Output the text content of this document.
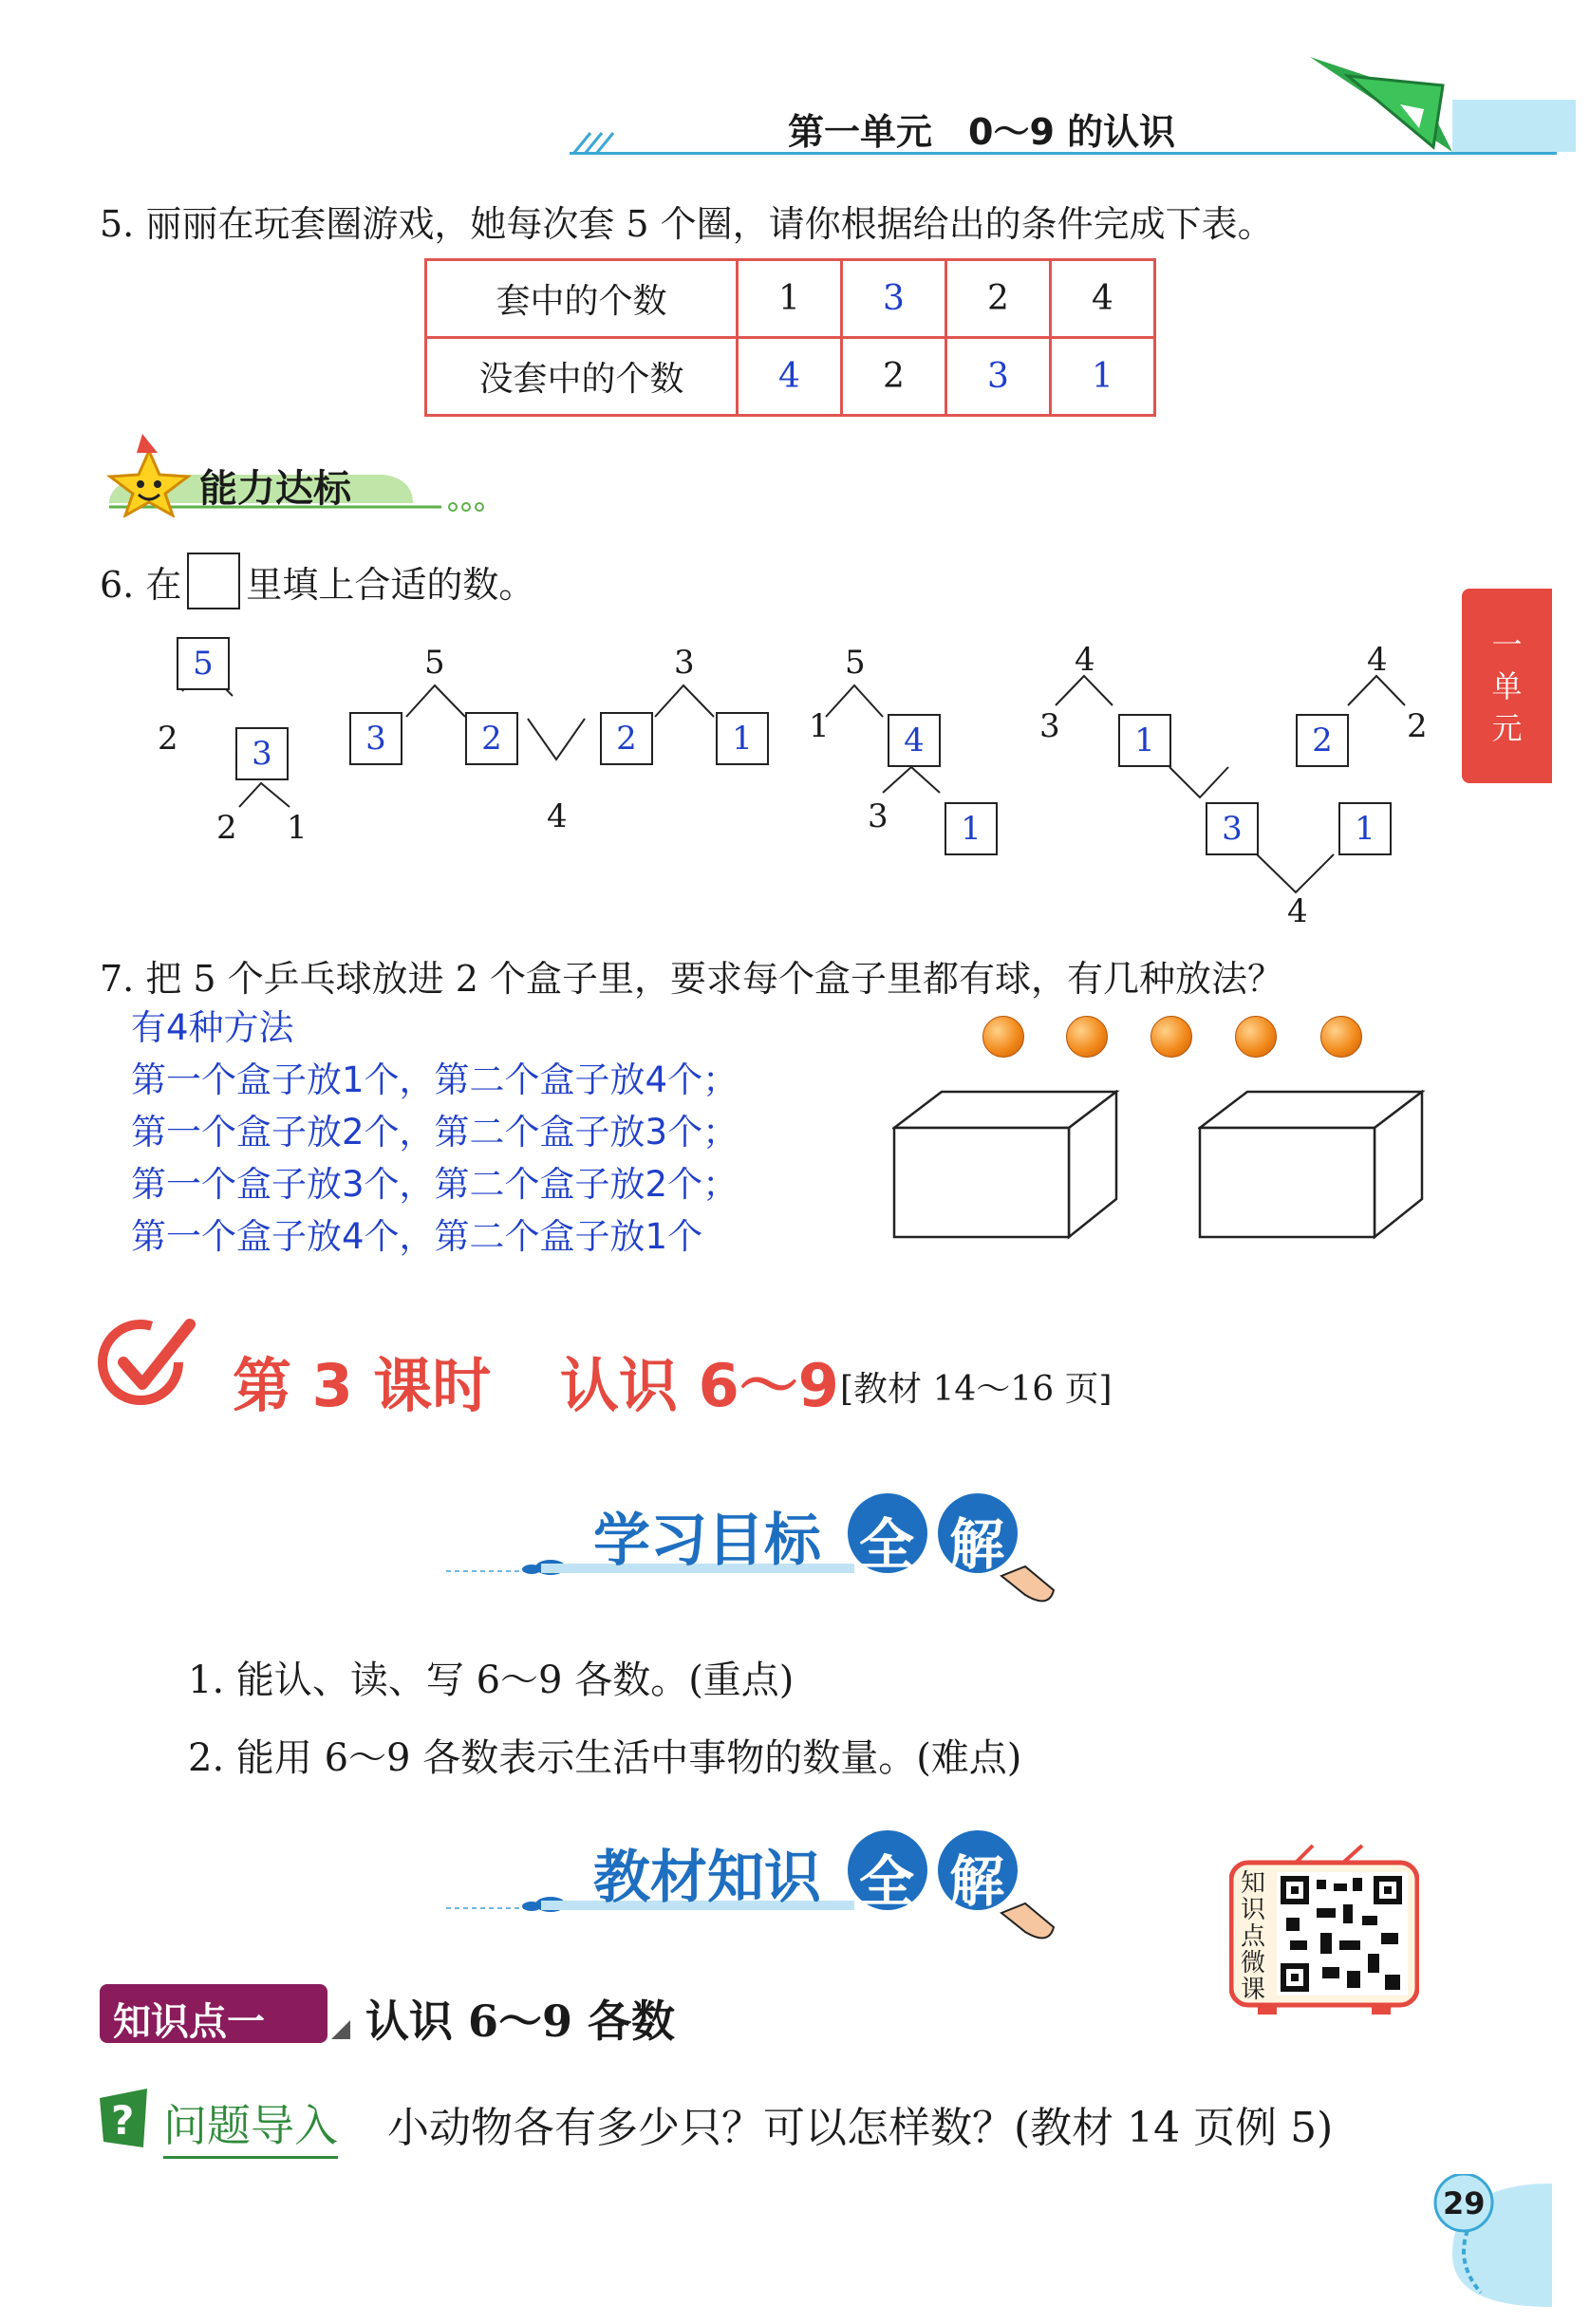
第一单元　0～9 的认识
一
单
元
5. 丽丽在玩套圈游戏，她每次套 5 个圈，请你根据给出的条件完成下表。
套中的个数	1	3	2	4
没套中的个数	4	2	3	1
能力达标
6. 在 里填上合适的数。
5
2	3
2 1
5
3	2	2	1
3
4
5
1	4
3	1
4
3	1	2	2
4
3	1
4
7. 把 5 个乒乓球放进 2 个盒子里，要求每个盒子里都有球，有几种放法？
有4种方法
第一个盒子放1个，第二个盒子放4个；
第一个盒子放2个，第二个盒子放3个；
第一个盒子放3个，第二个盒子放2个；
第一个盒子放4个，第二个盒子放1个
第 3 课时 认识 6～9 [教材 14～16 页]
学习目标 全 解
1. 能认、读、写 6～9 各数。(重点)
2. 能用 6～9 各数表示生活中事物的数量。(难点)
教材知识 全 解	知识点微课
知识点一 认识 6～9 各数
? 问题导入 小动物各有多少只？可以怎样数？(教材 14 页例 5)
29
